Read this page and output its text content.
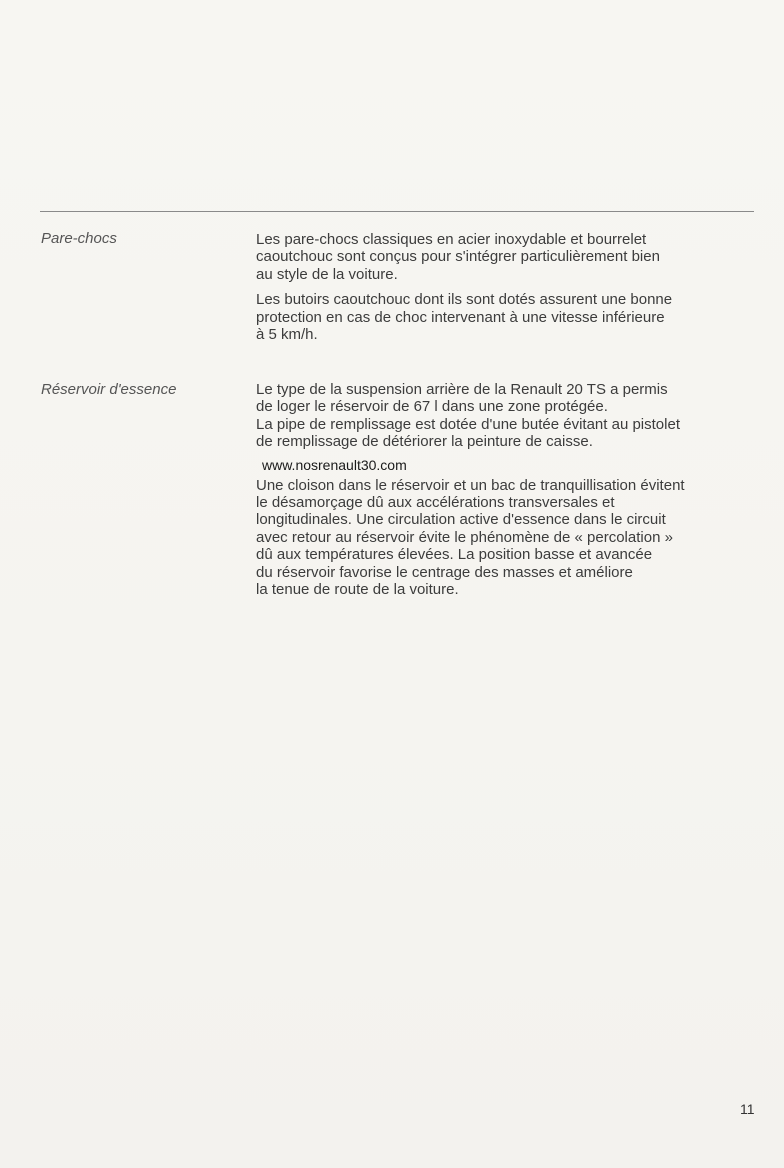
Pare-chocs	Les pare-chocs classiques en acier inoxydable et bourrelet
caoutchouc sont conçus pour s'intégrer particulièrement bien
au style de la voiture.

Les butoirs caoutchouc dont ils sont dotés assurent une bonne
protection en cas de choc intervenant à une vitesse inférieure
à 5 km/h.

Réservoir d'essence	Le type de la suspension arrière de la Renault 20 TS a permis
de loger le réservoir de 67 l dans une zone protégée.
La pipe de remplissage est dotée d'une butée évitant au pistolet
de remplissage de détériorer la peinture de caisse.

www.nosrenault30.com

Une cloison dans le réservoir et un bac de tranquillisation évitent
le désamorçage dû aux accélérations transversales et
longitudinales. Une circulation active d'essence dans le circuit
avec retour au réservoir évite le phénomène de « percolation »
dû aux températures élevées. La position basse et avancée
du réservoir favorise le centrage des masses et améliore
la tenue de route de la voiture.

11
